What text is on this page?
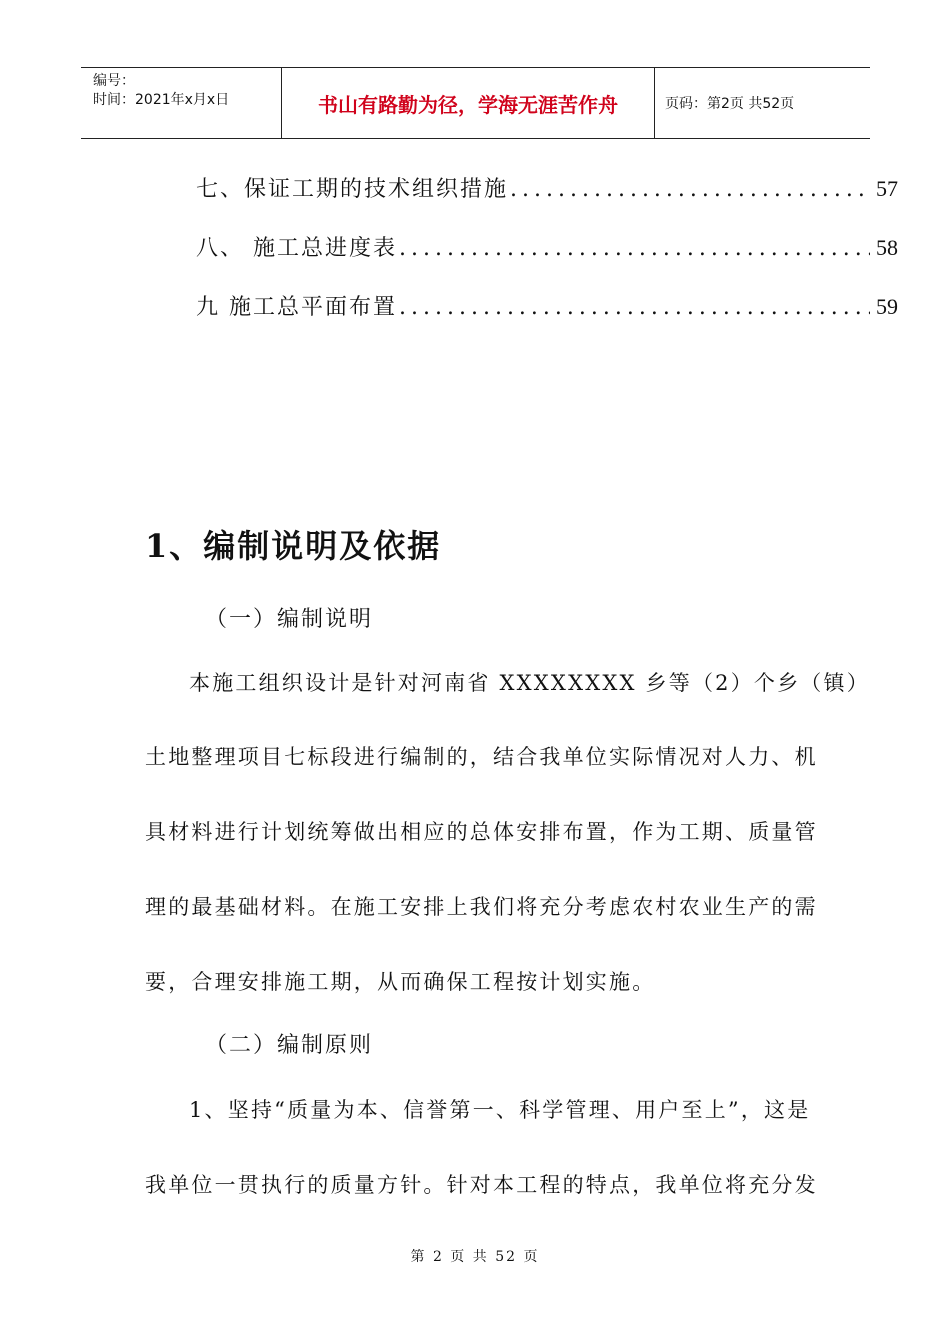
编号：
时间：2021年x月x日	书山有路勤为径，学海无涯苦作舟	页码：第2页 共52页
七、保证工期的技术组织措施 .....	57
八、 施工总进度表 .....	58
九 施工总平面布置 .....	59
1、编制说明及依据
（一）编制说明
本施工组织设计是针对河南省 XXXXXXXX 乡等（2）个乡（镇）
土地整理项目七标段进行编制的，结合我单位实际情况对人力、机
具材料进行计划统筹做出相应的总体安排布置，作为工期、质量管
理的最基础材料。在施工安排上我们将充分考虑农村农业生产的需
要，合理安排施工期，从而确保工程按计划实施。
（二）编制原则
1、坚持“质量为本、信誉第一、科学管理、用户至上”，这是
我单位一贯执行的质量方针。针对本工程的特点，我单位将充分发
第 2 页 共 52 页
